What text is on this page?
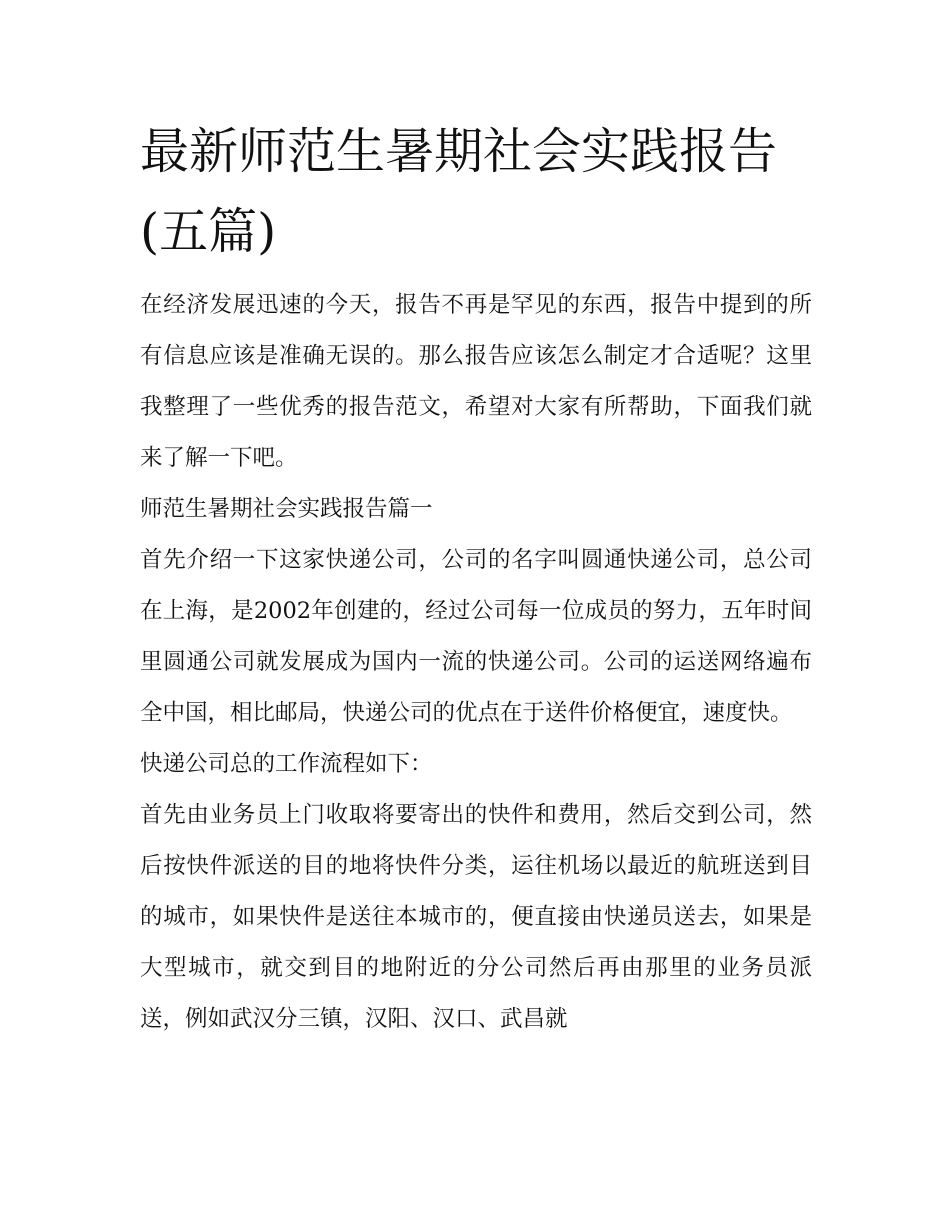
最新师范生暑期社会实践报告(五篇)

在经济发展迅速的今天，报告不再是罕见的东西，报告中提到的所有信息应该是准确无误的。那么报告应该怎么制定才合适呢？这里我整理了一些优秀的报告范文，希望对大家有所帮助，下面我们就来了解一下吧。

师范生暑期社会实践报告篇一

首先介绍一下这家快递公司，公司的名字叫圆通快递公司，总公司在上海，是2002年创建的，经过公司每一位成员的努力，五年时间里圆通公司就发展成为国内一流的快递公司。公司的运送网络遍布全中国，相比邮局，快递公司的优点在于送件价格便宜，速度快。

快递公司总的工作流程如下：

首先由业务员上门收取将要寄出的快件和费用，然后交到公司，然后按快件派送的目的地将快件分类，运往机场以最近的航班送到目的城市，如果快件是送往本城市的，便直接由快递员送去，如果是大型城市，就交到目的地附近的分公司然后再由那里的业务员派送，例如武汉分三镇，汉阳、汉口、武昌就
